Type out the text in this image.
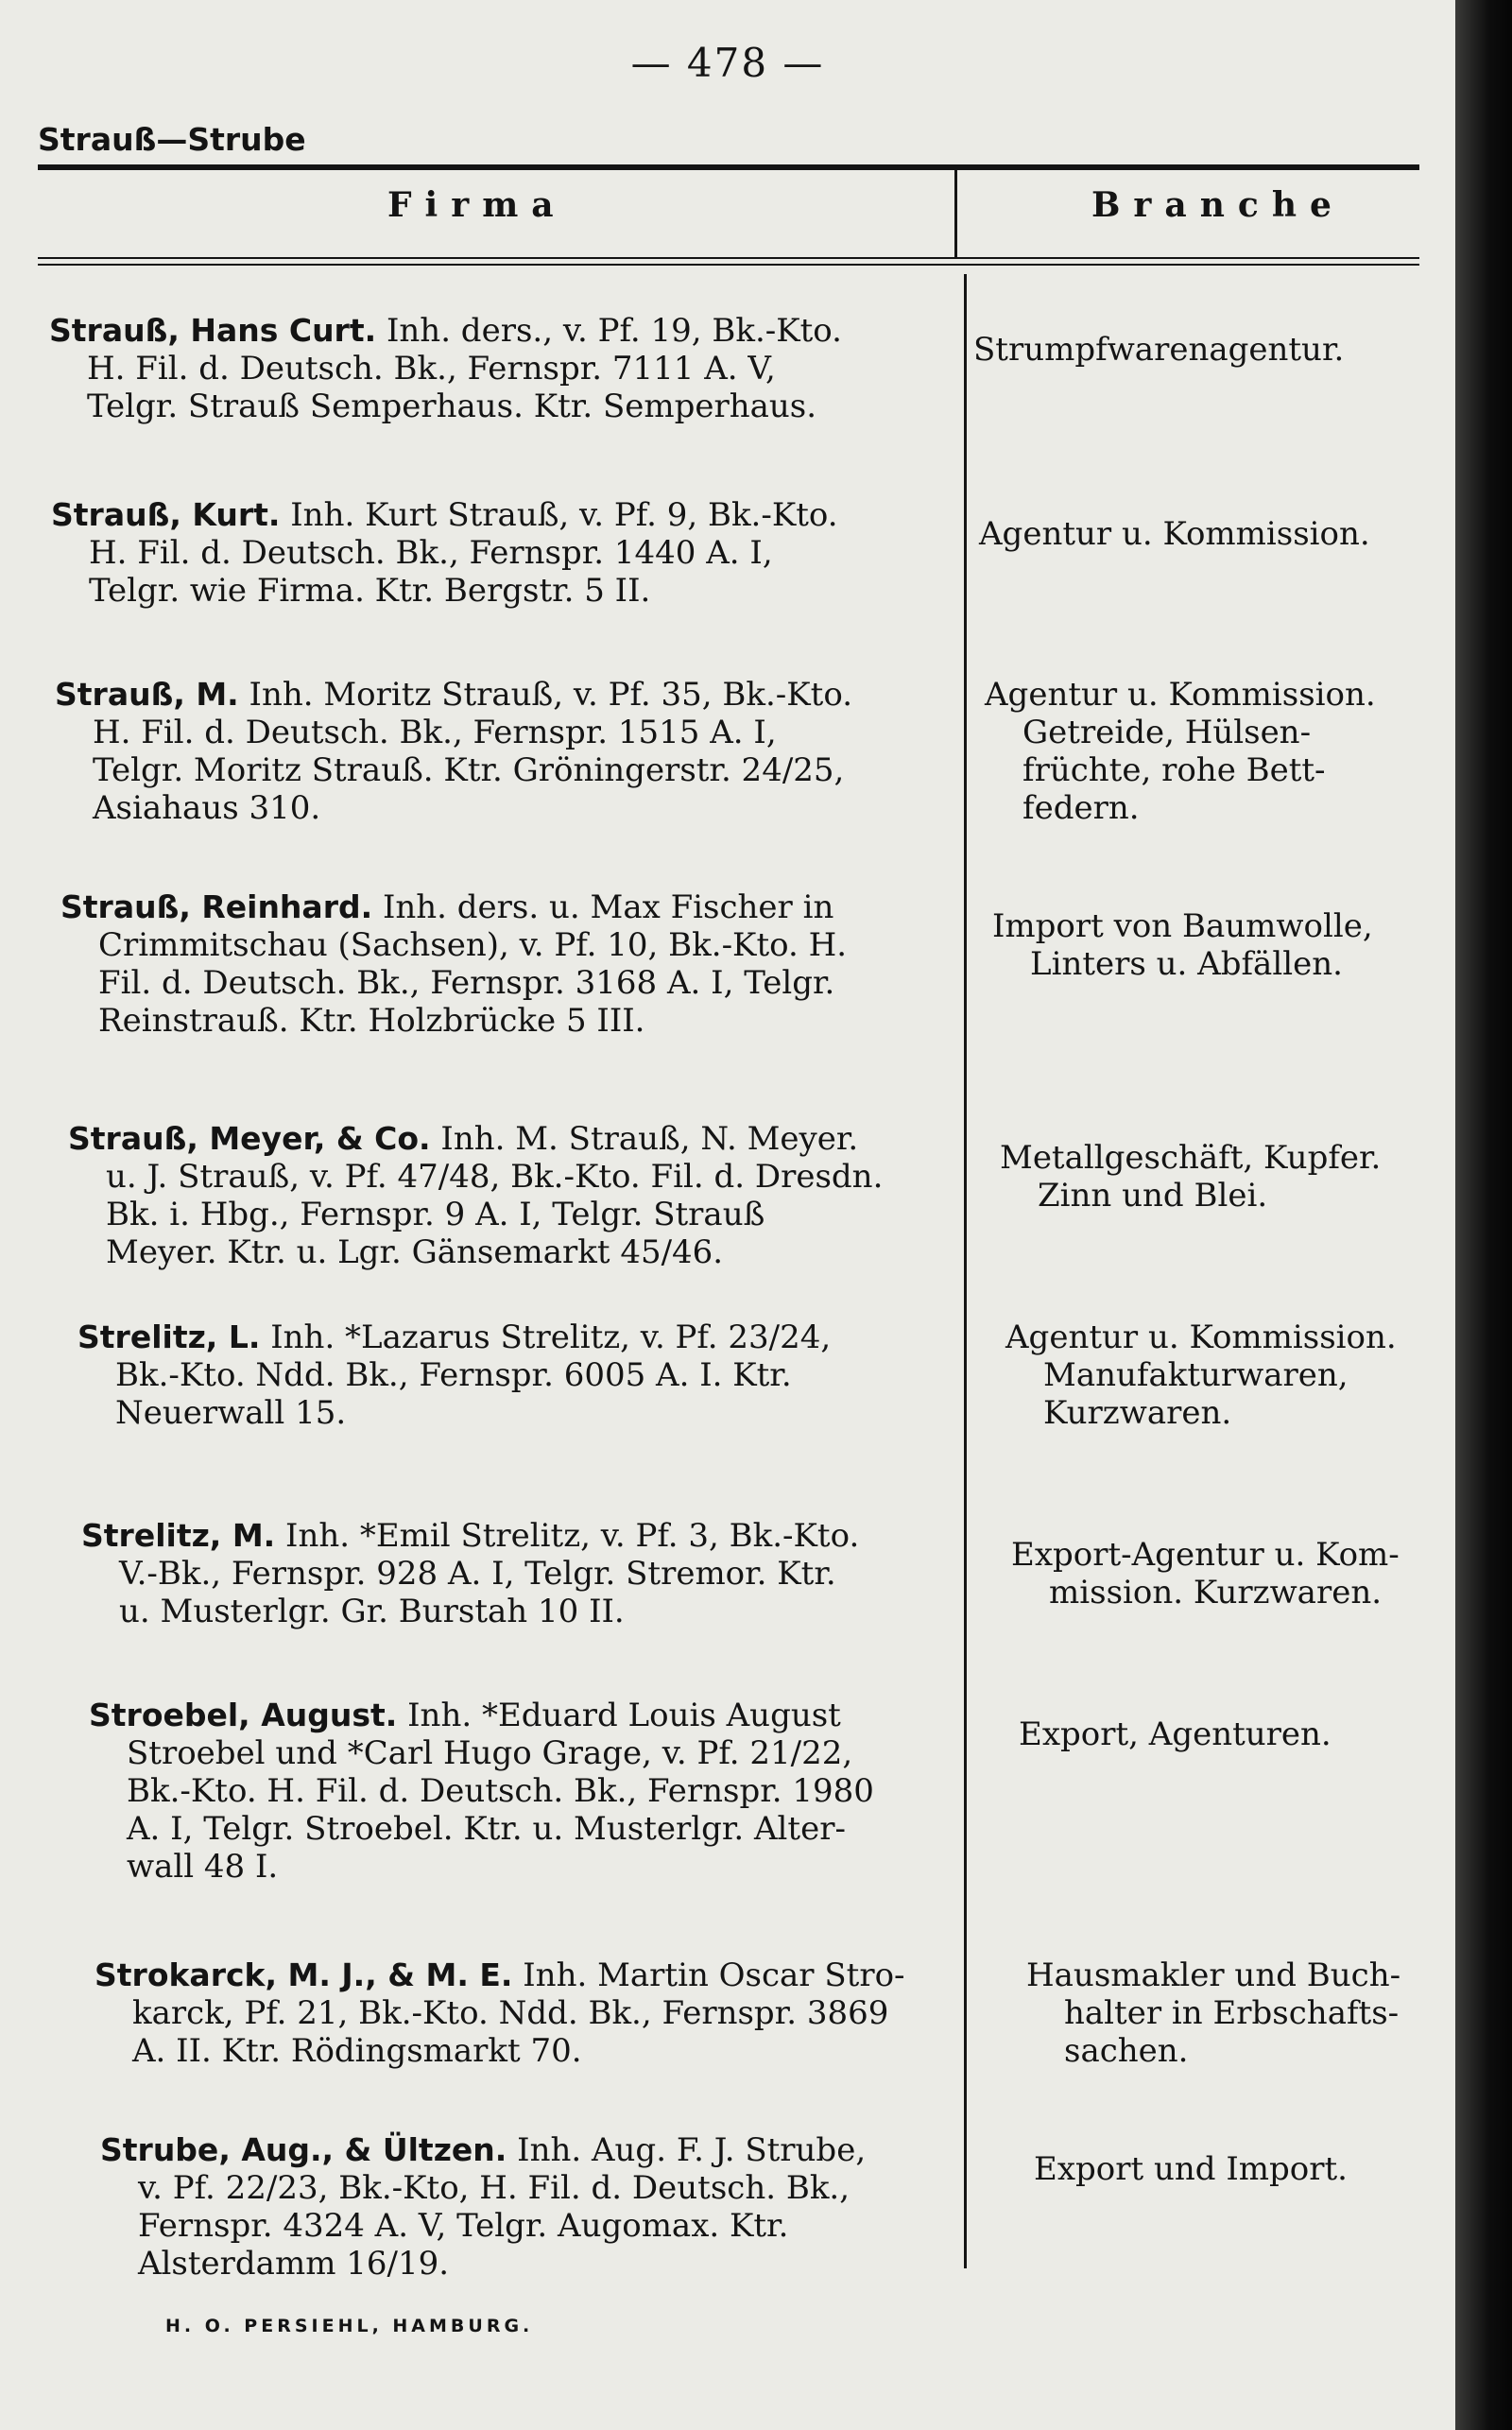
— 478 —
Strauß—Strube
Firma	Branche
Strauß, Hans Curt. Inh. ders., v. Pf. 19, Bk.-Kto.
H. Fil. d. Deutsch. Bk., Fernspr. 7111 A. V,
Telgr. Strauß Semperhaus. Ktr. Semperhaus.
Strumpfwarenagentur.
Strauß, Kurt. Inh. Kurt Strauß, v. Pf. 9, Bk.-Kto.
H. Fil. d. Deutsch. Bk., Fernspr. 1440 A. I,
Telgr. wie Firma. Ktr. Bergstr. 5 II.
Agentur u. Kommission.
Strauß, M. Inh. Moritz Strauß, v. Pf. 35, Bk.-Kto.
H. Fil. d. Deutsch. Bk., Fernspr. 1515 A. I,
Telgr. Moritz Strauß. Ktr. Gröningerstr. 24/25,
Asiahaus 310.
Agentur u. Kommission.
Getreide, Hülsen-
früchte, rohe Bett-
federn.
Strauß, Reinhard. Inh. ders. u. Max Fischer in
Crimmitschau (Sachsen), v. Pf. 10, Bk.-Kto. H.
Fil. d. Deutsch. Bk., Fernspr. 3168 A. I, Telgr.
Reinstrauß. Ktr. Holzbrücke 5 III.
Import von Baumwolle,
Linters u. Abfällen.
Strauß, Meyer, & Co. Inh. M. Strauß, N. Meyer.
u. J. Strauß, v. Pf. 47/48, Bk.-Kto. Fil. d. Dresdn.
Bk. i. Hbg., Fernspr. 9 A. I, Telgr. Strauß
Meyer. Ktr. u. Lgr. Gänsemarkt 45/46.
Metallgeschäft, Kupfer.
Zinn und Blei.
Strelitz, L. Inh. *Lazarus Strelitz, v. Pf. 23/24,
Bk.-Kto. Ndd. Bk., Fernspr. 6005 A. I. Ktr.
Neuerwall 15.
Agentur u. Kommission.
Manufakturwaren,
Kurzwaren.
Strelitz, M. Inh. *Emil Strelitz, v. Pf. 3, Bk.-Kto.
V.-Bk., Fernspr. 928 A. I, Telgr. Stremor. Ktr.
u. Musterlgr. Gr. Burstah 10 II.
Export-Agentur u. Kom-
mission. Kurzwaren.
Stroebel, August. Inh. *Eduard Louis August
Stroebel und *Carl Hugo Grage, v. Pf. 21/22,
Bk.-Kto. H. Fil. d. Deutsch. Bk., Fernspr. 1980
A. I, Telgr. Stroebel. Ktr. u. Musterlgr. Alter-
wall 48 I.
Export, Agenturen.
Strokarck, M. J., & M. E. Inh. Martin Oscar Stro-
karck, Pf. 21, Bk.-Kto. Ndd. Bk., Fernspr. 3869
A. II. Ktr. Rödingsmarkt 70.
Hausmakler und Buch-
halter in Erbschafts-
sachen.
Strube, Aug., & Ültzen. Inh. Aug. F. J. Strube,
v. Pf. 22/23, Bk.-Kto, H. Fil. d. Deutsch. Bk.,
Fernspr. 4324 A. V, Telgr. Augomax. Ktr.
Alsterdamm 16/19.
Export und Import.
H. O. PERSIEHL, HAMBURG.
